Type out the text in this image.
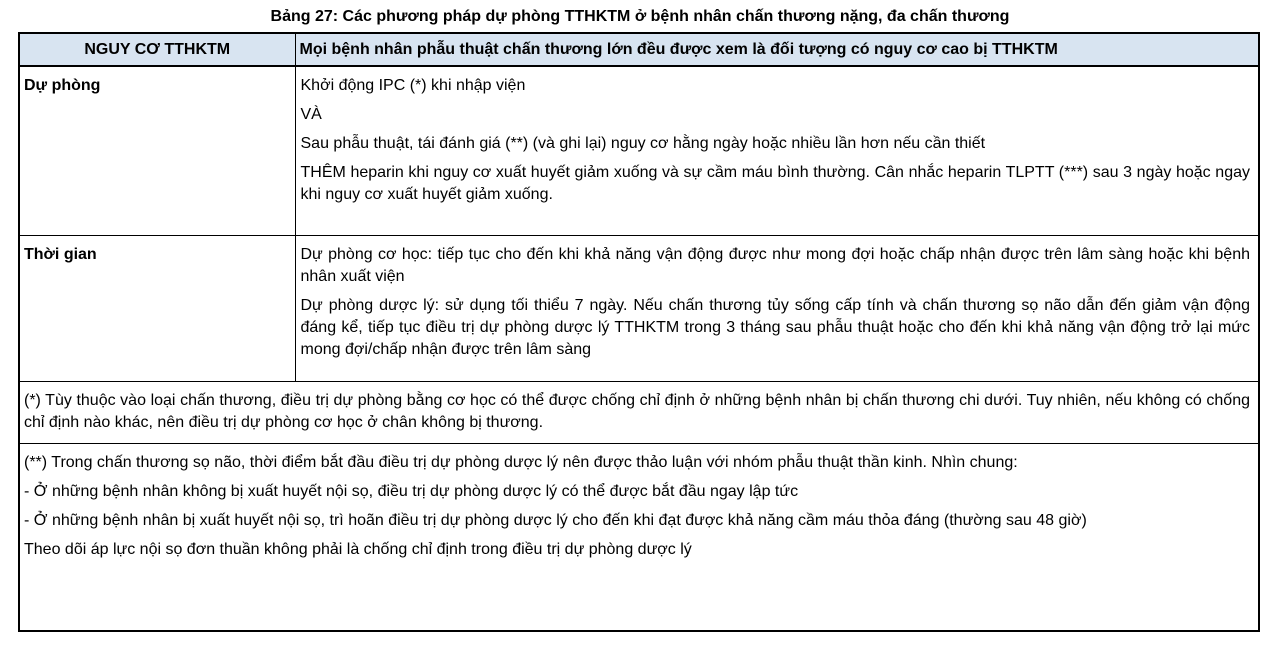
Bảng 27: Các phương pháp dự phòng TTHKTM ở bệnh nhân chấn thương nặng, đa chấn thương
NGUY CƠ TTHKTM	Mọi bệnh nhân phẫu thuật chấn thương lớn đều được xem là đối tượng có nguy cơ cao bị TTHKTM
Dự phòng	Khởi động IPC (*) khi nhập viện

VÀ

Sau phẫu thuật, tái đánh giá (**) (và ghi lại) nguy cơ hằng ngày hoặc nhiều lần hơn nếu cần thiết

THÊM heparin khi nguy cơ xuất huyết giảm xuống và sự cầm máu bình thường. Cân nhắc heparin TLPTT (***) sau 3 ngày hoặc ngay khi nguy cơ xuất huyết giảm xuống.

Thời gian	Dự phòng cơ học: tiếp tục cho đến khi khả năng vận động được như mong đợi hoặc chấp nhận được trên lâm sàng hoặc khi bệnh nhân xuất viện

Dự phòng dược lý: sử dụng tối thiểu 7 ngày. Nếu chấn thương tủy sống cấp tính và chấn thương sọ não dẫn đến giảm vận động đáng kể, tiếp tục điều trị dự phòng dược lý TTHKTM trong 3 tháng sau phẫu thuật hoặc cho đến khi khả năng vận động trở lại mức mong đợi/chấp nhận được trên lâm sàng

(*) Tùy thuộc vào loại chấn thương, điều trị dự phòng bằng cơ học có thể được chống chỉ định ở những bệnh nhân bị chấn thương chi dưới. Tuy nhiên, nếu không có chống chỉ định nào khác, nên điều trị dự phòng cơ học ở chân không bị thương.	

(**) Trong chấn thương sọ não, thời điểm bắt đầu điều trị dự phòng dược lý nên được thảo luận với nhóm phẫu thuật thần kinh. Nhìn chung:

- Ở những bệnh nhân không bị xuất huyết nội sọ, điều trị dự phòng dược lý có thể được bắt đầu ngay lập tức

- Ở những bệnh nhân bị xuất huyết nội sọ, trì hoãn điều trị dự phòng dược lý cho đến khi đạt được khả năng cầm máu thỏa đáng (thường sau 48 giờ)

Theo dõi áp lực nội sọ đơn thuần không phải là chống chỉ định trong điều trị dự phòng dược lý	
